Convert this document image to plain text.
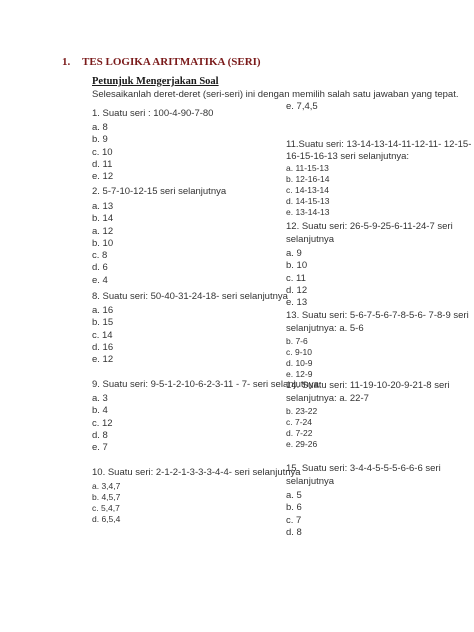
1. TES LOGIKA ARITMATIKA (SERI)
Petunjuk Mengerjakan Soal
Selesaikanlah deret-deret (seri-seri) ini dengan memilih salah satu jawaban yang tepat.
e. 7,4,5
1. Suatu seri : 100-4-90-7-80
a. 8
b. 9
c. 10
d. 11
e. 12
2. 5-7-10-12-15 seri selanjutnya
a. 13
b. 14
a. 12
b. 10
c. 8
d. 6
e. 4
8. Suatu seri: 50-40-31-24-18- seri selanjutnya
a. 16
b. 15
c. 14
d. 16
e. 12
9. Suatu seri: 9-5-1-2-10-6-2-3-11 - 7- seri selanjutnya:
a. 3
b. 4
c. 12
d. 8
e. 7
10. Suatu seri: 2-1-2-1-3-3-3-4-4- seri selanjutnya
a. 3,4,7
b. 4,5,7
c. 5,4,7
d. 6,5,4
11.Suatu seri: 13-14-13-14-11-12-11- 12-15-16-15-16-13 seri selanjutnya:
a. 11-15-13
b. 12-16-14
c. 14-13-14
d. 14-15-13
e. 13-14-13
12. Suatu seri: 26-5-9-25-6-11-24-7 seri selanjutnya
a. 9
b. 10
c. 11
d. 12
e. 13
13. Suatu seri: 5-6-7-5-6-7-8-5-6- 7-8-9 seri selanjutnya: a. 5-6
b. 7-6
c. 9-10
d. 10-9
e. 12-9
14. Suatu seri: 11-19-10-20-9-21-8 seri selanjutnya: a. 22-7
b. 23-22
c. 7-24
d. 7-22
e. 29-26
15. Suatu seri: 3-4-4-5-5-5-6-6-6 seri selanjutnya
a. 5
b. 6
c. 7
d. 8
